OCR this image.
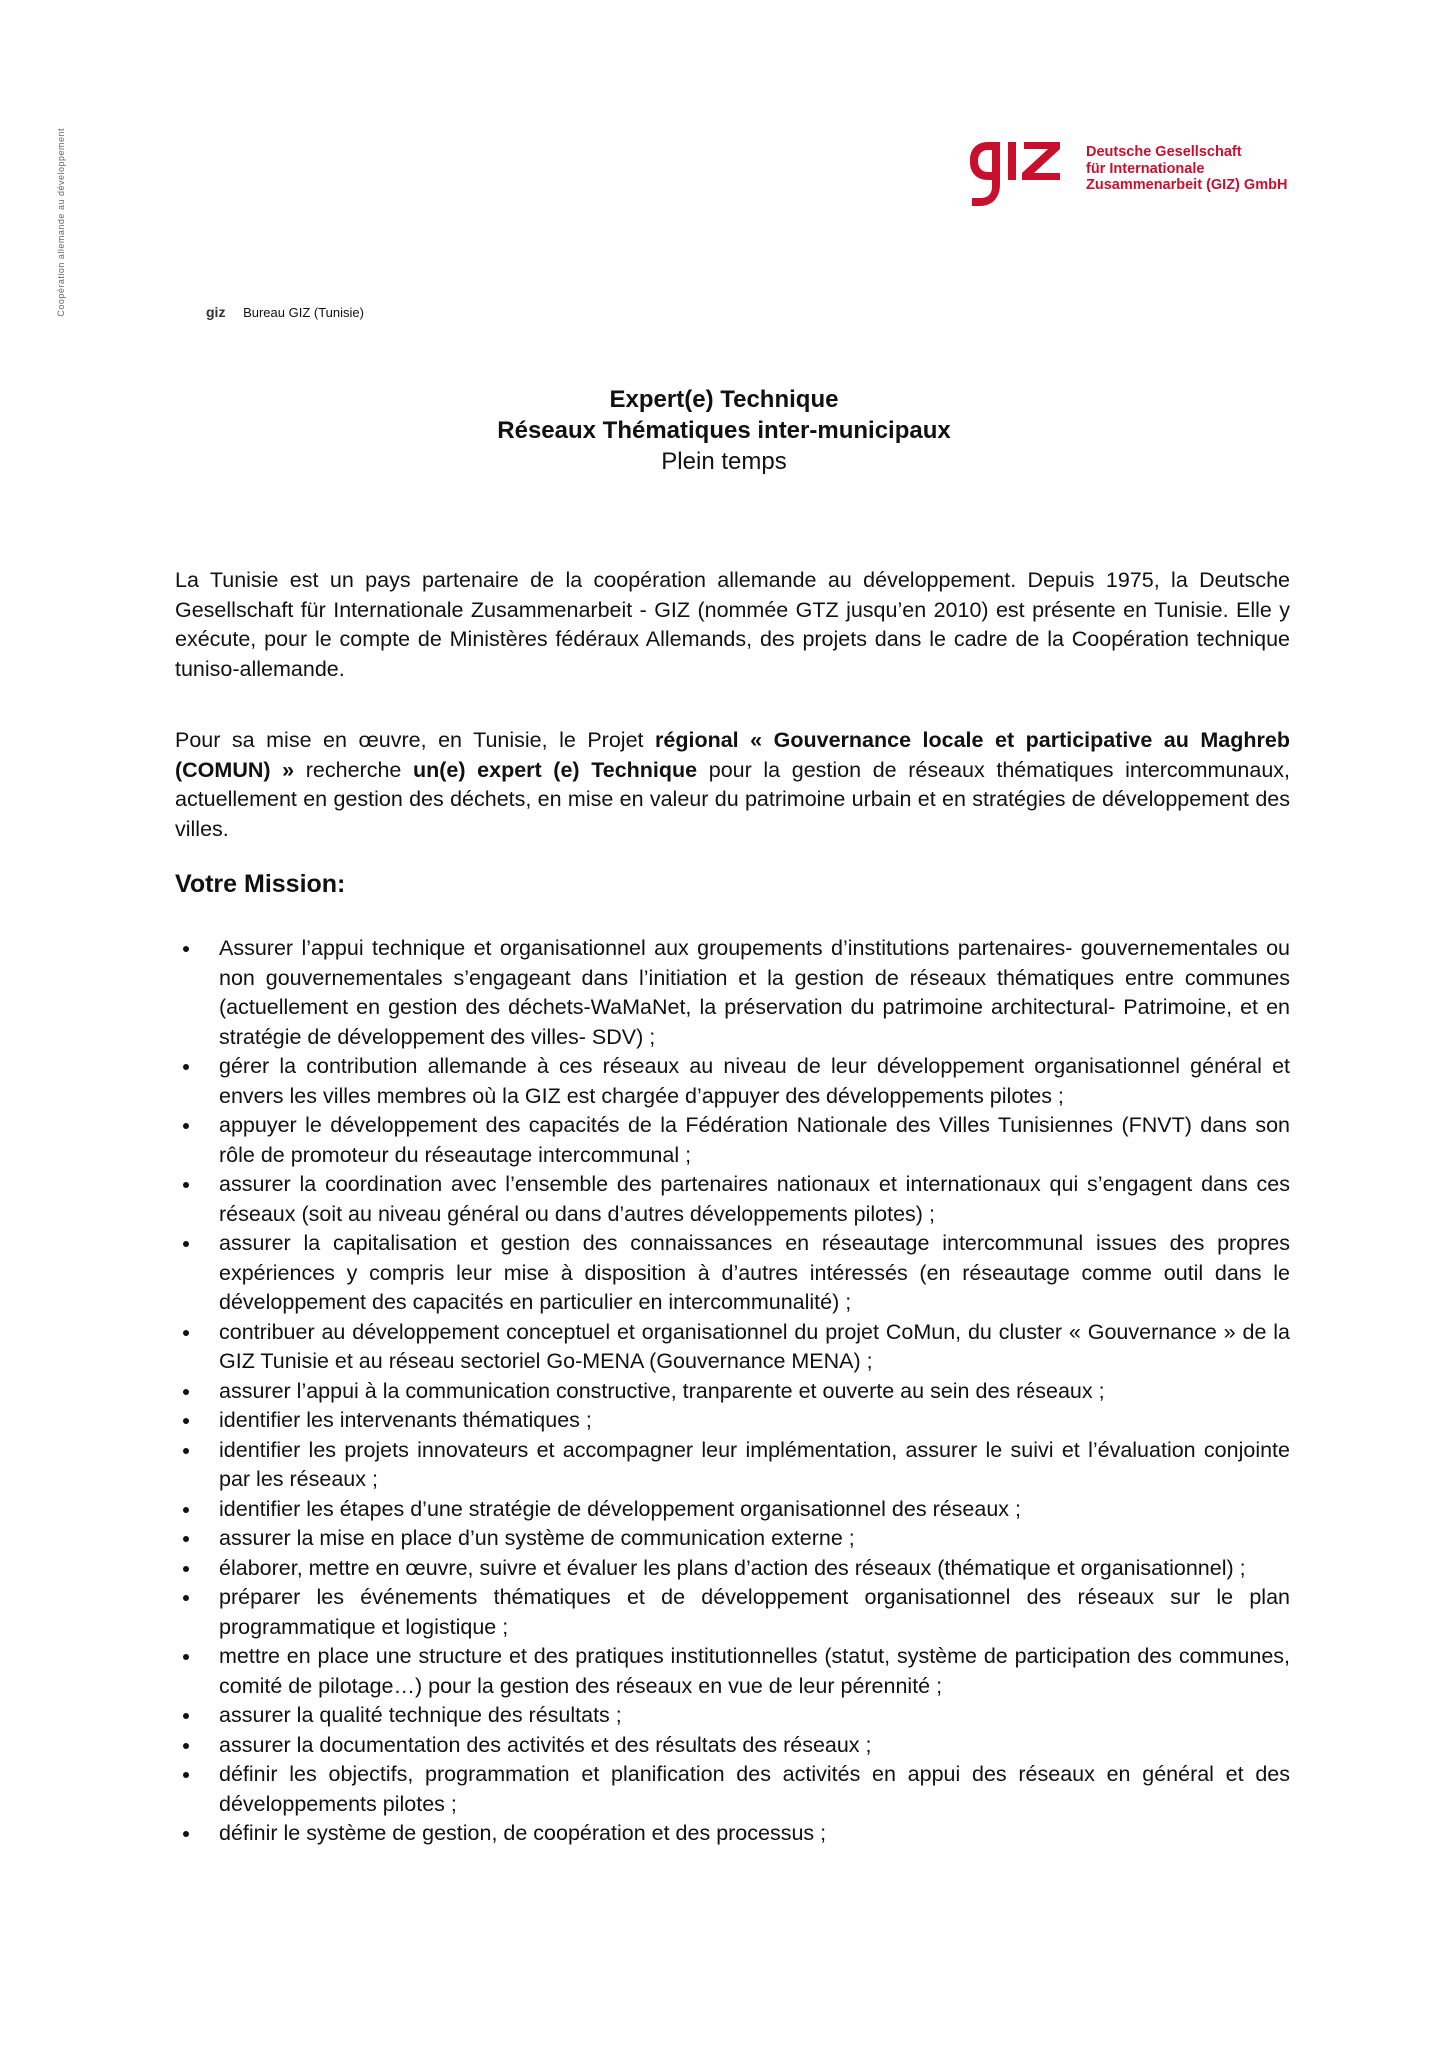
Coopération allemande au développement	Deutsche Gesellschaft
für Internationale
Zusammenarbeit (GIZ) GmbH
giz Bureau GIZ (Tunisie)
Expert(e) Technique
Réseaux Thématiques inter-municipaux
Plein temps
La Tunisie est un pays partenaire de la coopération allemande au développement. Depuis 1975, la Deutsche Gesellschaft für Internationale Zusammenarbeit - GIZ (nommée GTZ jusqu’en 2010) est présente en Tunisie. Elle y exécute, pour le compte de Ministères fédéraux Allemands, des projets dans le cadre de la Coopération technique tuniso-allemande.
Pour sa mise en œuvre, en Tunisie, le Projet régional « Gouvernance locale et participative au Maghreb (COMUN) » recherche un(e) expert (e) Technique pour la gestion de réseaux thématiques intercommunaux, actuellement en gestion des déchets, en mise en valeur du patrimoine urbain et en stratégies de développement des villes.
Votre Mission:
Assurer l’appui technique et organisationnel aux groupements d’institutions partenaires- gouvernementales ou non gouvernementales s’engageant dans l’initiation et la gestion de réseaux thématiques entre communes (actuellement en gestion des déchets-WaMaNet, la préservation du patrimoine architectural- Patrimoine, et en stratégie de développement des villes- SDV) ;
gérer la contribution allemande à ces réseaux au niveau de leur développement organisationnel général et envers les villes membres où la GIZ est chargée d’appuyer des développements pilotes ;
appuyer le développement des capacités de la Fédération Nationale des Villes Tunisiennes (FNVT) dans son rôle de promoteur du réseautage intercommunal ;
assurer la coordination avec l’ensemble des partenaires nationaux et internationaux qui s’engagent dans ces réseaux (soit au niveau général ou dans d’autres développements pilotes) ;
assurer la capitalisation et gestion des connaissances en réseautage intercommunal issues des propres expériences y compris leur mise à disposition à d’autres intéressés (en réseautage comme outil dans le développement des capacités en particulier en intercommunalité) ;
contribuer au développement conceptuel et organisationnel du projet CoMun, du cluster « Gouvernance » de la GIZ Tunisie et au réseau sectoriel Go-MENA (Gouvernance MENA) ;
assurer l’appui à la communication constructive, tranparente et ouverte au sein des réseaux ;
identifier les intervenants thématiques ;
identifier les projets innovateurs et accompagner leur implémentation, assurer le suivi et l’évaluation conjointe par les réseaux ;
identifier les étapes d’une stratégie de développement organisationnel des réseaux ;
assurer la mise en place d’un système de communication externe ;
élaborer, mettre en œuvre, suivre et évaluer les plans d’action des réseaux (thématique et organisationnel) ;
préparer les événements thématiques et de développement organisationnel des réseaux sur le plan programmatique et logistique ;
mettre en place une structure et des pratiques institutionnelles (statut, système de participation des communes, comité de pilotage…) pour la gestion des réseaux en vue de leur pérennité ;
assurer la qualité technique des résultats ;
assurer la documentation des activités et des résultats des réseaux ;
définir les objectifs, programmation et planification des activités en appui des réseaux en général et des développements pilotes ;
définir le système de gestion, de coopération et des processus ;
